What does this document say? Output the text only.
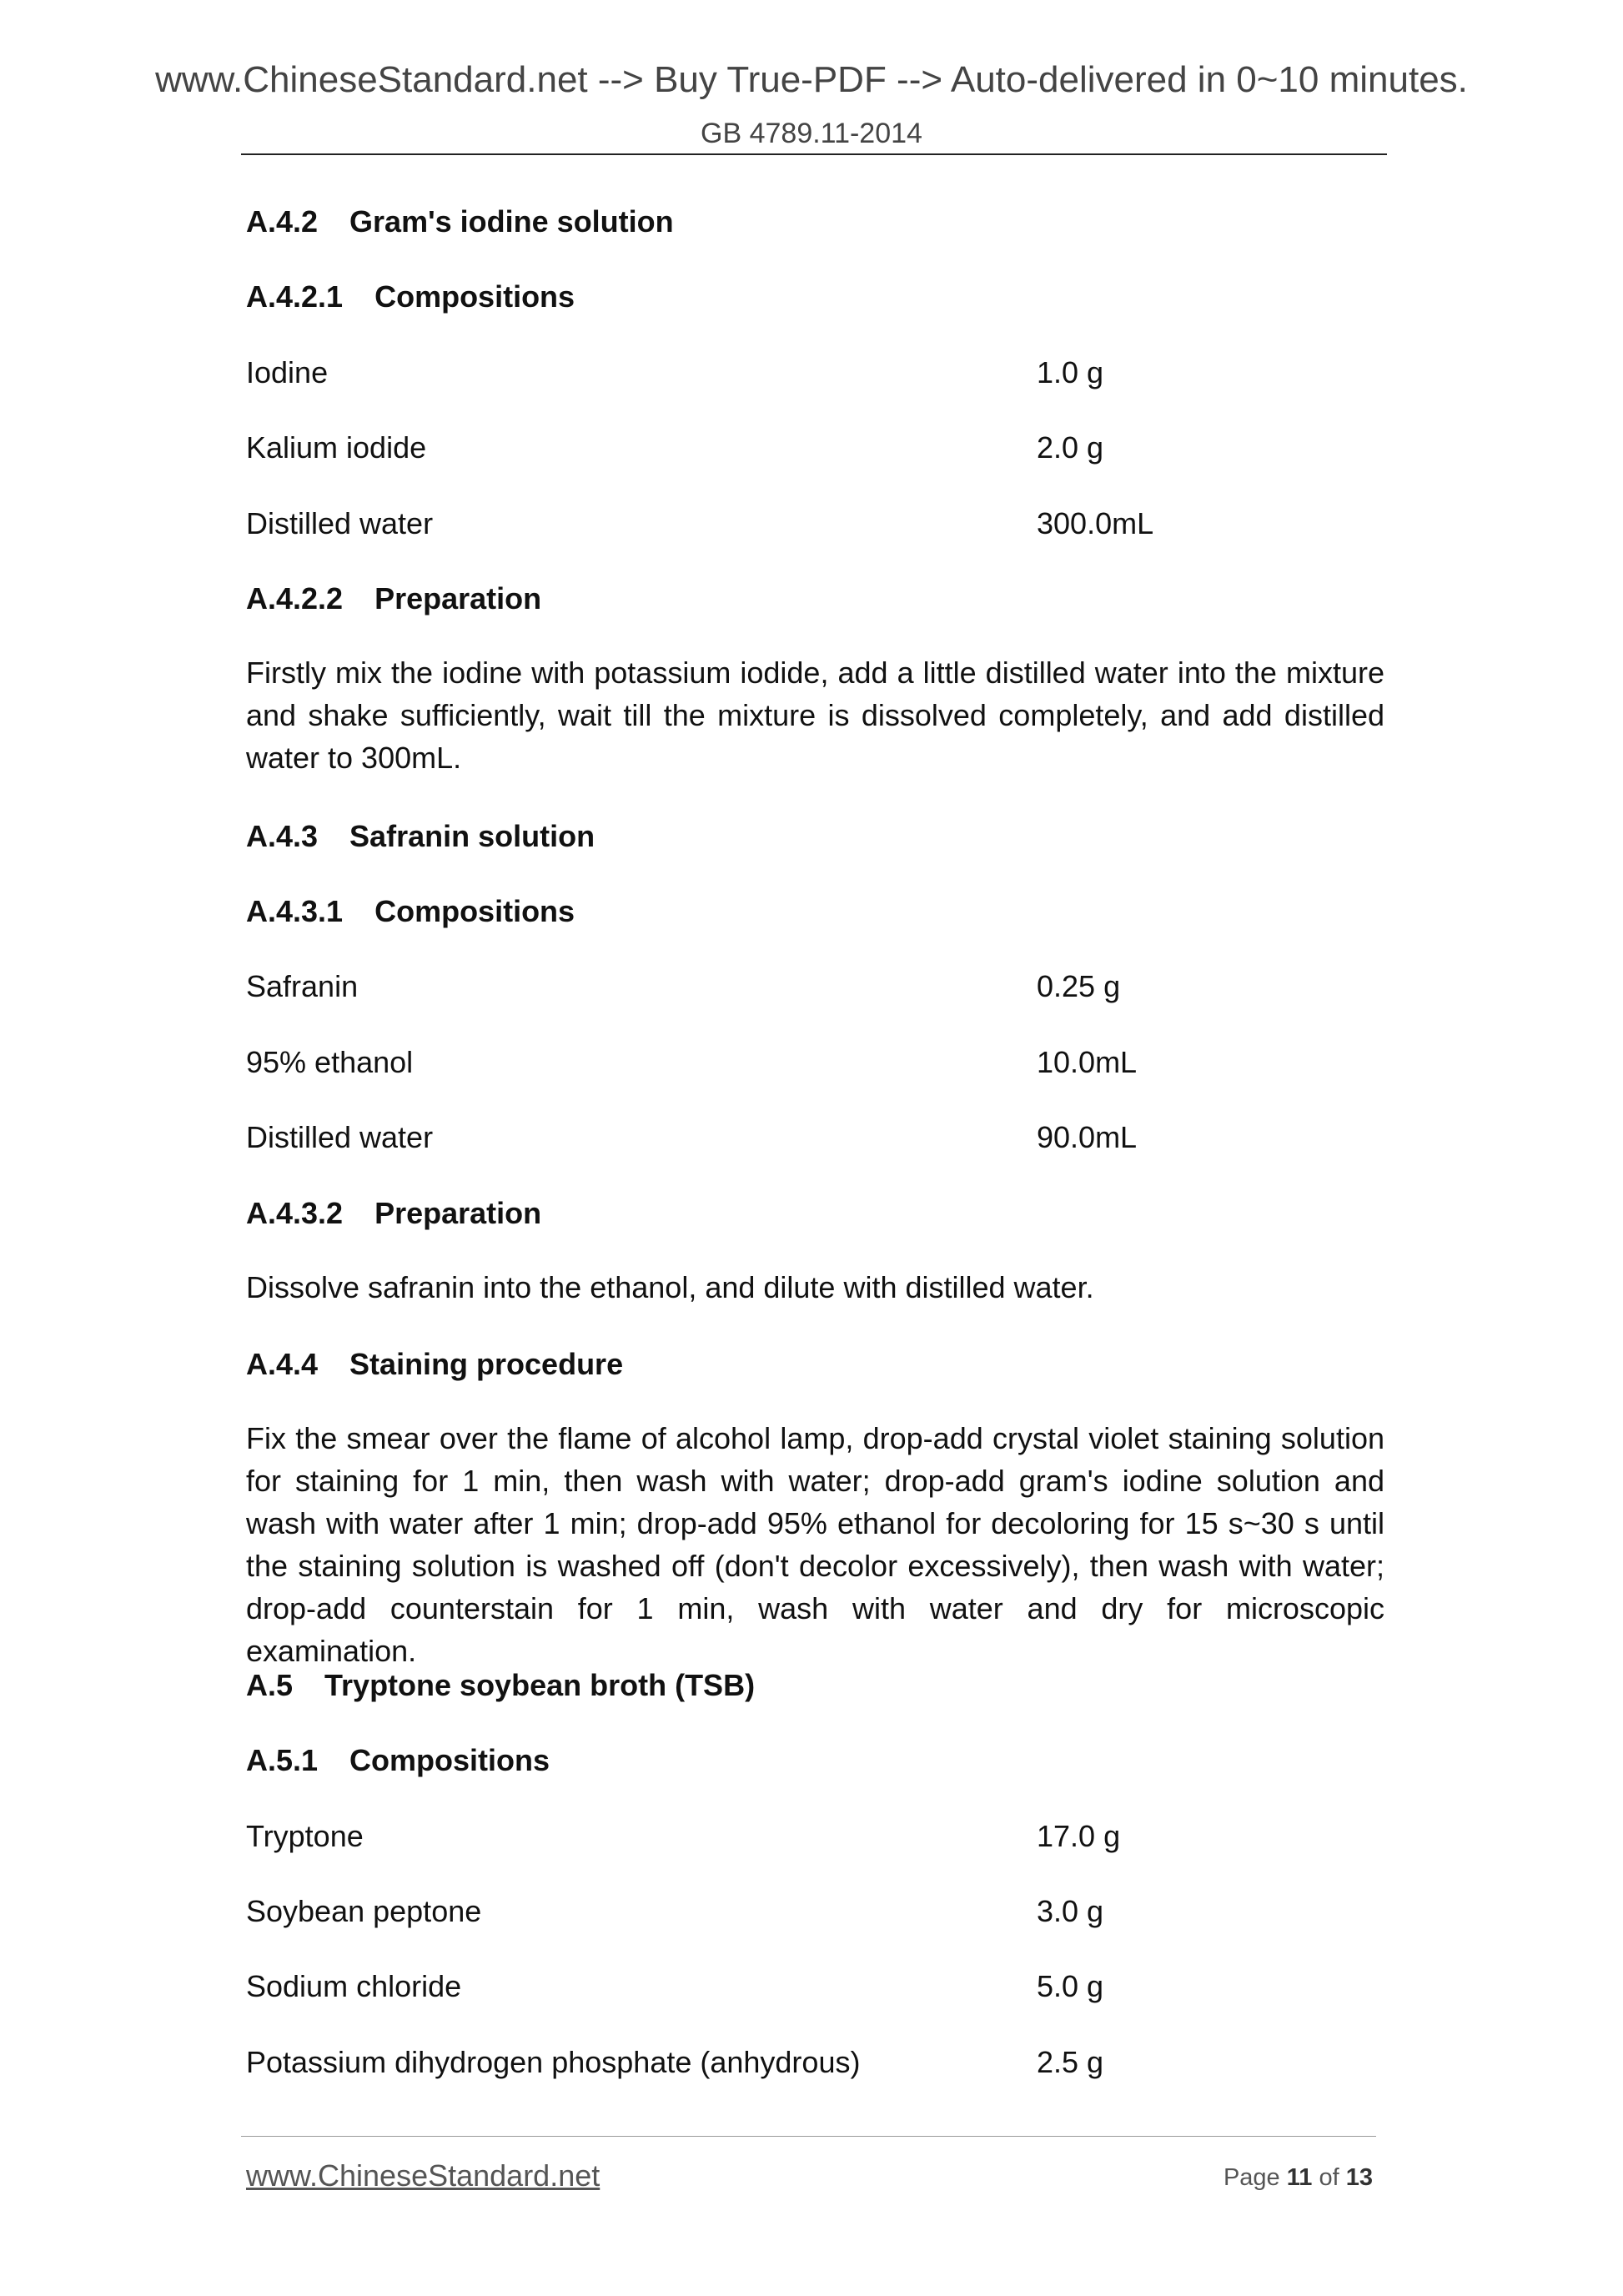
www.ChineseStandard.net --> Buy True-PDF --> Auto-delivered in 0~10 minutes.
GB 4789.11-2014
A.4.2 Gram's iodine solution
A.4.2.1 Compositions
Iodine	1.0 g
Kalium iodide	2.0 g
Distilled water	300.0mL
A.4.2.2 Preparation
Firstly mix the iodine with potassium iodide, add a little distilled water into the mixture and shake sufficiently, wait till the mixture is dissolved completely, and add distilled water to 300mL.
A.4.3 Safranin solution
A.4.3.1 Compositions
Safranin	0.25 g
95% ethanol	10.0mL
Distilled water	90.0mL
A.4.3.2 Preparation
Dissolve safranin into the ethanol, and dilute with distilled water.
A.4.4 Staining procedure
Fix the smear over the flame of alcohol lamp, drop-add crystal violet staining solution for staining for 1 min, then wash with water; drop-add gram's iodine solution and wash with water after 1 min; drop-add 95% ethanol for decoloring for 15 s~30 s until the staining solution is washed off (don't decolor excessively), then wash with water; drop-add counterstain for 1 min, wash with water and dry for microscopic examination.
A.5 Tryptone soybean broth (TSB)
A.5.1 Compositions
Tryptone	17.0 g
Soybean peptone	3.0 g
Sodium chloride	5.0 g
Potassium dihydrogen phosphate (anhydrous)	2.5 g
www.ChineseStandard.net	Page 11 of 13
